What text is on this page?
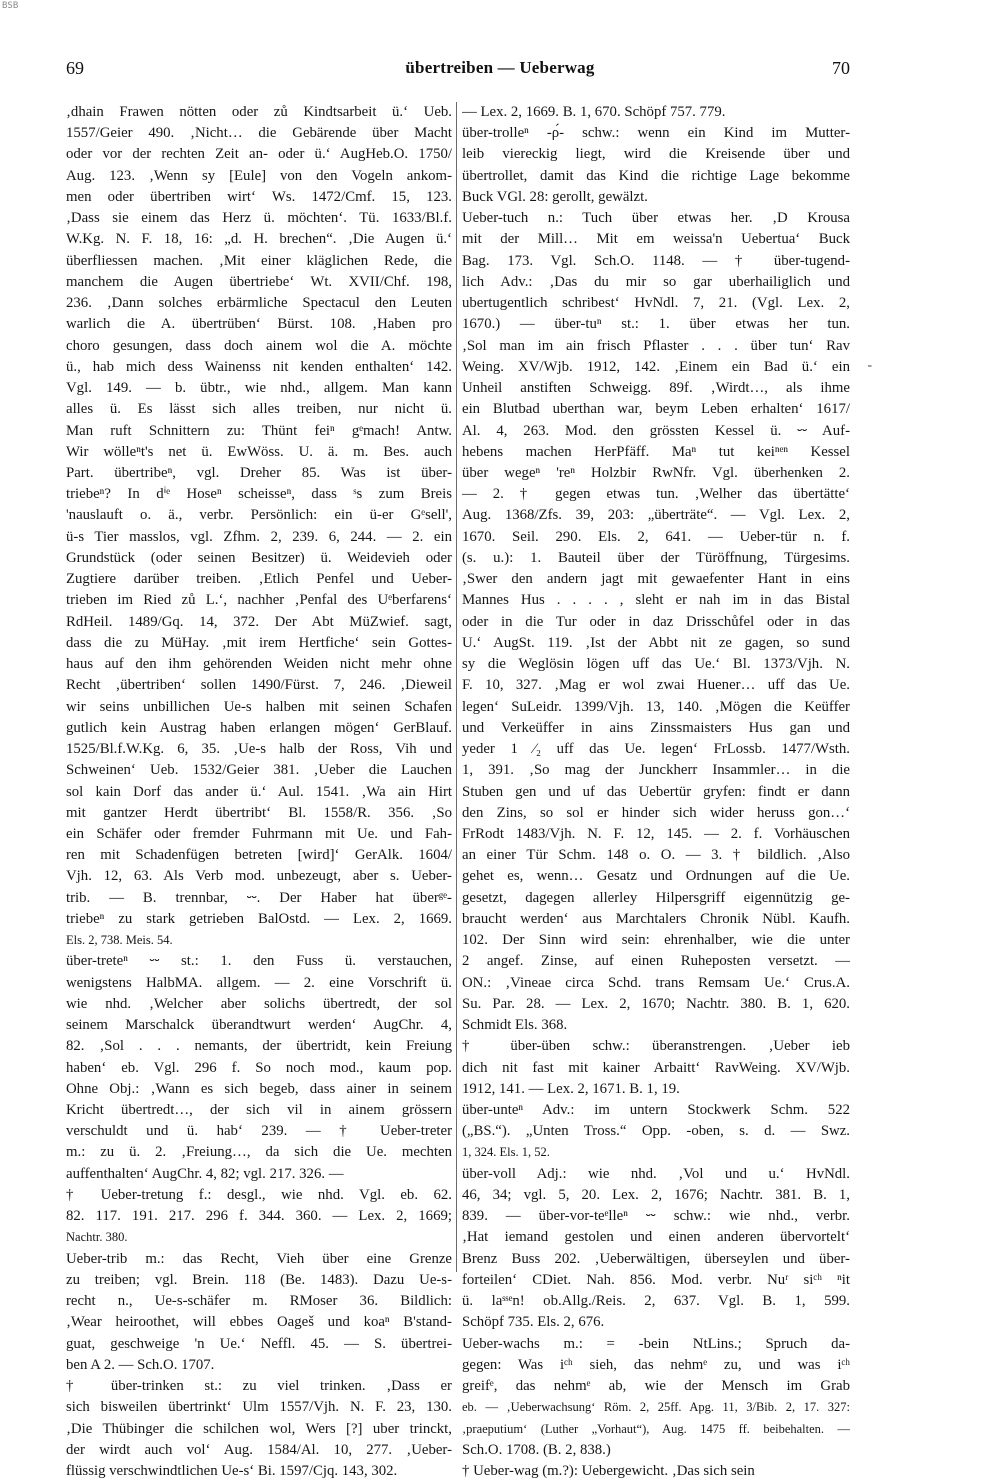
BSB
69	übertreiben — Ueberwag	70
‚dhain Frawen nötten oder zů Kindtsarbeit ü.‘ Ueb.
1557/Geier 490. ‚Nicht… die Gebärende über Macht
oder vor der rechten Zeit an- oder ü.‘ AugHeb.O. 1750/
Aug. 123. ‚Wenn sy [Eule] von den Vogeln ankom-
men oder übertriben wirt‘ Ws. 1472/Cmf. 15, 123.
‚Dass sie einem das Herz ü. möchten‘. Tü. 1633/Bl.f.
W.Kg. N. F. 18, 16: „d. H. brechen“. ‚Die Augen ü.‘
überfliessen machen. ‚Mit einer kläglichen Rede, die
manchem die Augen übertriebe‘ Wt. XVII/Chf. 198,
236. ‚Dann solches erbärmliche Spectacul den Leuten
warlich die A. übertrüben‘ Bürst. 108. ‚Haben pro
choro gesungen, dass doch ainem wol die A. möchte
ü., hab mich dess Wainenss nit kenden enthalten‘ 142.
Vgl. 149. — b. übtr., wie nhd., allgem. Man kann
alles ü. Es lässt sich alles treiben, nur nicht ü.
Man ruft Schnittern zu: Thünt feiⁿ gᵉmach! Antw.
Wir wölleⁿt's net ü. EwWöss. U. ä. m. Bes. auch
Part. übertribeⁿ, vgl. Dreher 85. Was ist über-
triebeⁿ? In dⁱᵉ Hoseⁿ scheisseⁿ, dass ˢs zum Breis
'nauslauft o. ä., verbr. Persönlich: ein ü-er Gᵉsell',
ü-s Tier masslos, vgl. Zfhm. 2, 239. 6, 244. — 2. ein
Grundstück (oder seinen Besitzer) ü. Weidevieh oder
Zugtiere darüber treiben. ‚Etlich Penfel und Ueber-
trieben im Ried zů L.‘, nachher ‚Penfal des Uᵉberfarens‘
RdHeil. 1489/Gq. 14, 372. Der Abt MüZwief. sagt,
dass die zu MüHay. ‚mit irem Hertfiche‘ sein Gottes-
haus auf den ihm gehörenden Weiden nicht mehr ohne
Recht ‚übertriben‘ sollen 1490/Fürst. 7, 246. ‚Dieweil
wir seins unbillichen Ue-s halben mit seinen Schafen
gutlich kein Austrag haben erlangen mögen‘ GerBlauf.
1525/Bl.f.W.Kg. 6, 35. ‚Ue-s halb der Ross, Vih und
Schweinen‘ Ueb. 1532/Geier 381. ‚Ueber die Lauchen
sol kain Dorf das ander ü.‘ Aul. 1541. ‚Wa ain Hirt
mit gantzer Herdt übertribt‘ Bl. 1558/R. 356. ‚So
ein Schäfer oder fremder Fuhrmann mit Ue. und Fah-
ren mit Schadenfügen betreten [wird]‘ GerAlk. 1604/
Vjh. 12, 63. Als Verb mod. unbezeugt, aber s. Ueber-
trib. — B. trennbar, ⏑⏑. Der Haber hat überᵍᵉ-
triebeⁿ zu stark getrieben BalOstd. — Lex. 2, 1669.
Els. 2, 738. Meis. 54.
über-treteⁿ ⏑⏑ st.: 1. den Fuss ü. verstauchen,
wenigstens HalbMA. allgem. — 2. eine Vorschrift ü.
wie nhd. ‚Welcher aber solichs übertredt, der sol
seinem Marschalck überandtwurt werden‘ AugChr. 4,
82. ‚Sol . . . nemants, der übertridt, kein Freiung
haben‘ eb. Vgl. 296 f. So noch mod., kaum pop.
Ohne Obj.: ‚Wann es sich begeb, dass ainer in seinem
Kricht übertredt…, der sich vil in ainem grössern
verschuldt und ü. hab‘ 239. — † Ueber-treter
m.: zu ü. 2. ‚Freiung…, da sich die Ue. mechten
auffenthalten‘ AugChr. 4, 82; vgl. 217. 326. —
† Ueber-tretung f.: desgl., wie nhd. Vgl. eb. 62.
82. 117. 191. 217. 296 f. 344. 360. — Lex. 2, 1669;
Nachtr. 380.
Ueber-trib m.: das Recht, Vieh über eine Grenze
zu treiben; vgl. Brein. 118 (Be. 1483). Dazu Ue-s-
recht n., Ue-s-schäfer m. RMoser 36. Bildlich:
‚Wear heiroothet, will ebbes Oageš und koaⁿ B'stand-
guat, geschweige 'n Ue.‘ Neffl. 45. — S. übertrei-
ben A 2. — Sch.O. 1707.
† über-trinken st.: zu viel trinken. ‚Dass er
sich bisweilen übertrinkt‘ Ulm 1557/Vjh. N. F. 23, 130.
‚Die Thübinger die schilchen wol, Wers [?] uber trinckt,
der wirdt auch vol‘ Aug. 1584/Al. 10, 277. ‚Ueber-
flüssig verschwindtlichen Ue-s‘ Bi. 1597/Cjq. 143, 302.
— Lex. 2, 1669. B. 1, 670. Schöpf 757. 779.
über-trolleⁿ -ρ́- schw.: wenn ein Kind im Mutter-
leib viereckig liegt, wird die Kreisende über und
übertrollet, damit das Kind die richtige Lage bekomme
Buck VGl. 28: gerollt, gewälzt.
Ueber-tuch n.: Tuch über etwas her. ‚D Krousa
mit der Mill… Mit em weissa'n Uebertua‘ Buck
Bag. 173. Vgl. Sch.O. 1148. — † über-tugend-
lich Adv.: ‚Das du mir so gar uberhailiglich und
ubertugentlich schribest‘ HvNdl. 7, 21. (Vgl. Lex. 2,
1670.) — über-tuⁿ st.: 1. über etwas her tun.
‚Sol man im ain frisch Pflaster . . . über tun‘ Rav
Weing. XV/Wjb. 1912, 142. ‚Einem ein Bad ü.‘ ein
Unheil anstiften Schweigg. 89f. ‚Wirdt…, als ihme
ein Blutbad uberthan war, beym Leben erhalten‘ 1617/
Al. 4, 263. Mod. den grössten Kessel ü. ⏑⏑ Auf-
hebens machen HerPfäff. Maⁿ tut keiⁿᵉⁿ Kessel
über wegeⁿ 'reⁿ Holzbir RwNfr. Vgl. überhenken 2.
— 2. † gegen etwas tun. ‚Welher das übertätte‘
Aug. 1368/Zfs. 39, 203: „überträte“. — Vgl. Lex. 2,
1670. Seil. 290. Els. 2, 641. — Ueber-tür n. f.
(s. u.): 1. Bauteil über der Türöffnung, Türgesims.
‚Swer den andern jagt mit gewaefenter Hant in eins
Mannes Hus . . . . , sleht er nah im in das Bistal
oder in die Tur oder in daz Drisschůfel oder in das
U.‘ AugSt. 119. ‚Ist der Abbt nit ze gagen, so sund
sy die Weglösin lögen uff das Ue.‘ Bl. 1373/Vjh. N.
F. 10, 327. ‚Mag er wol zwai Huener… uff das Ue.
legen‘ SuLeidr. 1399/Vjh. 13, 140. ‚Mögen die Keüffer
und Verkeüffer in ains Zinssmaisters Hus gan und
yeder 1 ⁄₂ uff das Ue. legen‘ FrLossb. 1477/Wsth.
1, 391. ‚So mag der Junckherr Insammler… in die
Stuben gen und uf das Uebertür gryfen: findt er dann
den Zins, so sol er hinder sich wider heruss gon…‘
FrRodt 1483/Vjh. N. F. 12, 145. — 2. f. Vorhäuschen
an einer Tür Schm. 148 o. O. — 3. † bildlich. ‚Also
gehet es, wenn… Gesatz und Ordnungen auf die Ue.
gesetzt, dagegen allerley Hilpersgriff eigennützig ge-
braucht werden‘ aus Marchtalers Chronik Nübl. Kaufh.
102. Der Sinn wird sein: ehrenhalber, wie die unter
2 angef. Zinse, auf einen Ruheposten versetzt. —
ON.: ‚Vineae circa Schd. trans Remsam Ue.‘ Crus.A.
Su. Par. 28. — Lex. 2, 1670; Nachtr. 380. B. 1, 620.
Schmidt Els. 368.
† über-üben schw.: überanstrengen. ‚Ueber ieb
dich nit fast mit kainer Arbaitt‘ RavWeing. XV/Wjb.
1912, 141. — Lex. 2, 1671. B. 1, 19.
über-unteⁿ Adv.: im untern Stockwerk Schm. 522
(„BS.“). „Unten Tross.“ Opp. -oben, s. d. — Swz.
1, 324. Els. 1, 52.
über-voll Adj.: wie nhd. ‚Vol und u.‘ HvNdl.
46, 34; vgl. 5, 20. Lex. 2, 1676; Nachtr. 381. B. 1,
839. — über-vor-teᵉlleⁿ ⏑⏑ schw.: wie nhd., verbr.
‚Hat iemand gestolen und einen anderen übervortelt‘
Brenz Buss 202. ‚Ueberwältigen, überseylen und über-
forteilen‘ CDiet. Nah. 856. Mod. verbr. Nuʳ siᶜʰ ⁿit
ü. laˢˢᵉn! ob.Allg./Reis. 2, 637. Vgl. B. 1, 599.
Schöpf 735. Els. 2, 676.
Ueber-wachs m.: = -bein NtLins.; Spruch da-
gegen: Was iᶜʰ sieh, das nehmᵉ zu, und was iᶜʰ
greifᵉ, das nehmᵉ ab, wie der Mensch im Grab
eb. — ‚Ueberwachsung‘ Röm. 2, 25ff. Apg. 11, 3/Bib. 2, 17. 327:
‚praeputium‘ (Luther „Vorhaut“), Aug. 1475 ff. beibehalten. —
Sch.O. 1708. (B. 2, 838.)
† Ueber-wag (m.?): Uebergewicht. ‚Das sich sein
-
